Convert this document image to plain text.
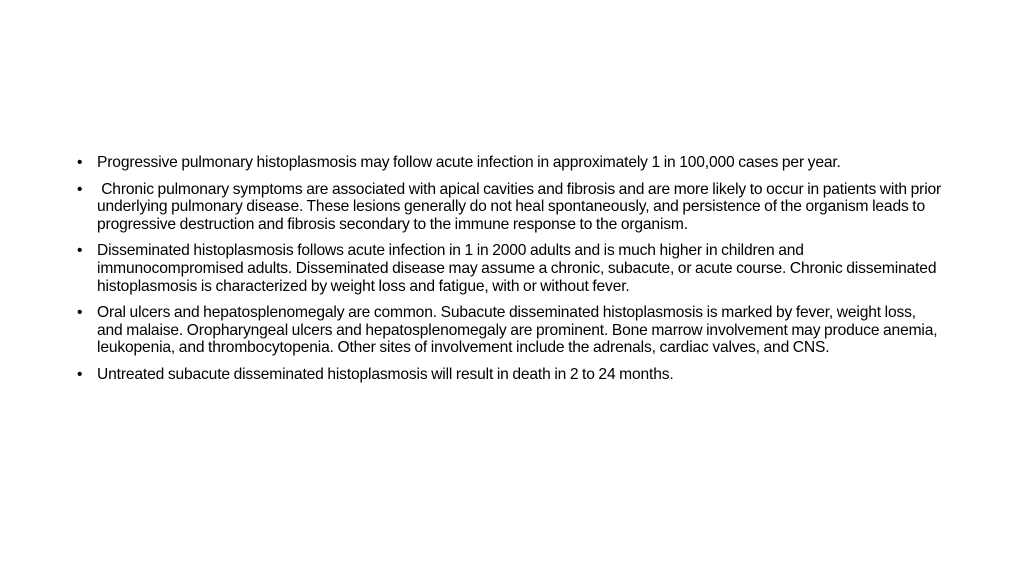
• Progressive pulmonary histoplasmosis may follow acute infection in approximately 1 in 100,000 cases per year.
• Chronic pulmonary symptoms are associated with apical cavities and fibrosis and are more likely to occur in patients with prior underlying pulmonary disease. These lesions generally do not heal spontaneously, and persistence of the organism leads to progressive destruction and fibrosis secondary to the immune response to the organism.
• Disseminated histoplasmosis follows acute infection in 1 in 2000 adults and is much higher in children and immunocompromised adults. Disseminated disease may assume a chronic, subacute, or acute course. Chronic disseminated histoplasmosis is characterized by weight loss and fatigue, with or without fever.
• Oral ulcers and hepatosplenomegaly are common. Subacute disseminated histoplasmosis is marked by fever, weight loss, and malaise. Oropharyngeal ulcers and hepatosplenomegaly are prominent. Bone marrow involvement may produce anemia, leukopenia, and thrombocytopenia. Other sites of involvement include the adrenals, cardiac valves, and CNS.
• Untreated subacute disseminated histoplasmosis will result in death in 2 to 24 months.
